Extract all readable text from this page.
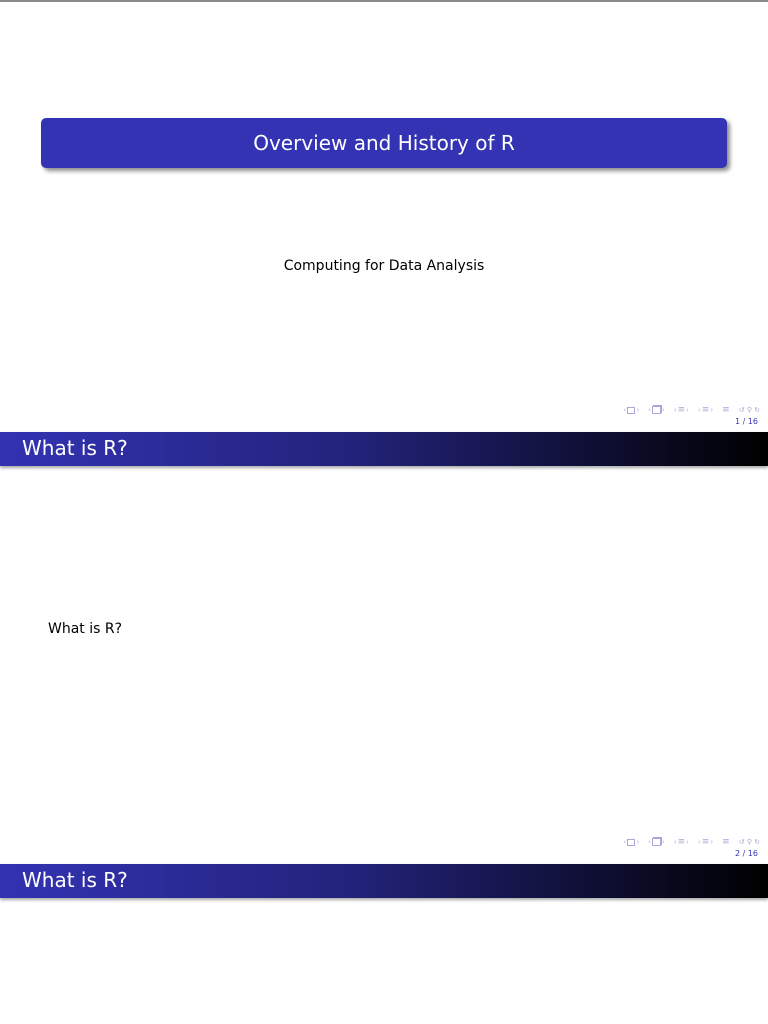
Overview and History of R
Computing for Data Analysis
‹ › ‹ › ‹ ≡ › ‹ ≡ › ≡ ↺ ⚲ ↻
1 / 16
What is R?
What is R?
‹ › ‹ › ‹ ≡ › ‹ ≡ › ≡ ↺ ⚲ ↻
2 / 16
What is R?
